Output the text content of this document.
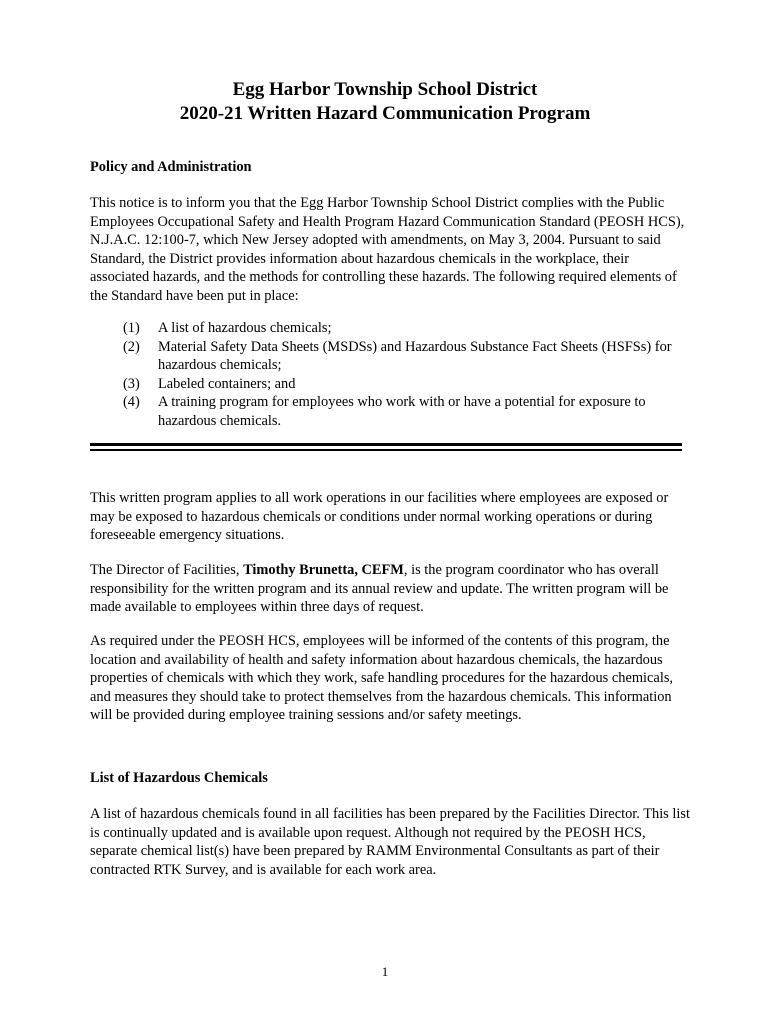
Egg Harbor Township School District
2020-21 Written Hazard Communication Program
Policy and Administration
This notice is to inform you that the Egg Harbor Township School District complies with the Public Employees Occupational Safety and Health Program Hazard Communication Standard (PEOSH HCS), N.J.A.C. 12:100-7, which New Jersey adopted with amendments, on May 3, 2004. Pursuant to said Standard, the District provides information about hazardous chemicals in the workplace, their associated hazards, and the methods for controlling these hazards. The following required elements of the Standard have been put in place:
(1)	A list of hazardous chemicals;
(2)	Material Safety Data Sheets (MSDSs) and Hazardous Substance Fact Sheets (HSFSs) for hazardous chemicals;
(3)	Labeled containers; and
(4)	A training program for employees who work with or have a potential for exposure to hazardous chemicals.
This written program applies to all work operations in our facilities where employees are exposed or may be exposed to hazardous chemicals or conditions under normal working operations or during foreseeable emergency situations.
The Director of Facilities, Timothy Brunetta, CEFM, is the program coordinator who has overall responsibility for the written program and its annual review and update. The written program will be made available to employees within three days of request.
As required under the PEOSH HCS, employees will be informed of the contents of this program, the location and availability of health and safety information about hazardous chemicals, the hazardous properties of chemicals with which they work, safe handling procedures for the hazardous chemicals, and measures they should take to protect themselves from the hazardous chemicals. This information will be provided during employee training sessions and/or safety meetings.
List of Hazardous Chemicals
A list of hazardous chemicals found in all facilities has been prepared by the Facilities Director. This list is continually updated and is available upon request. Although not required by the PEOSH HCS, separate chemical list(s) have been prepared by RAMM Environmental Consultants as part of their contracted RTK Survey, and is available for each work area.
1
